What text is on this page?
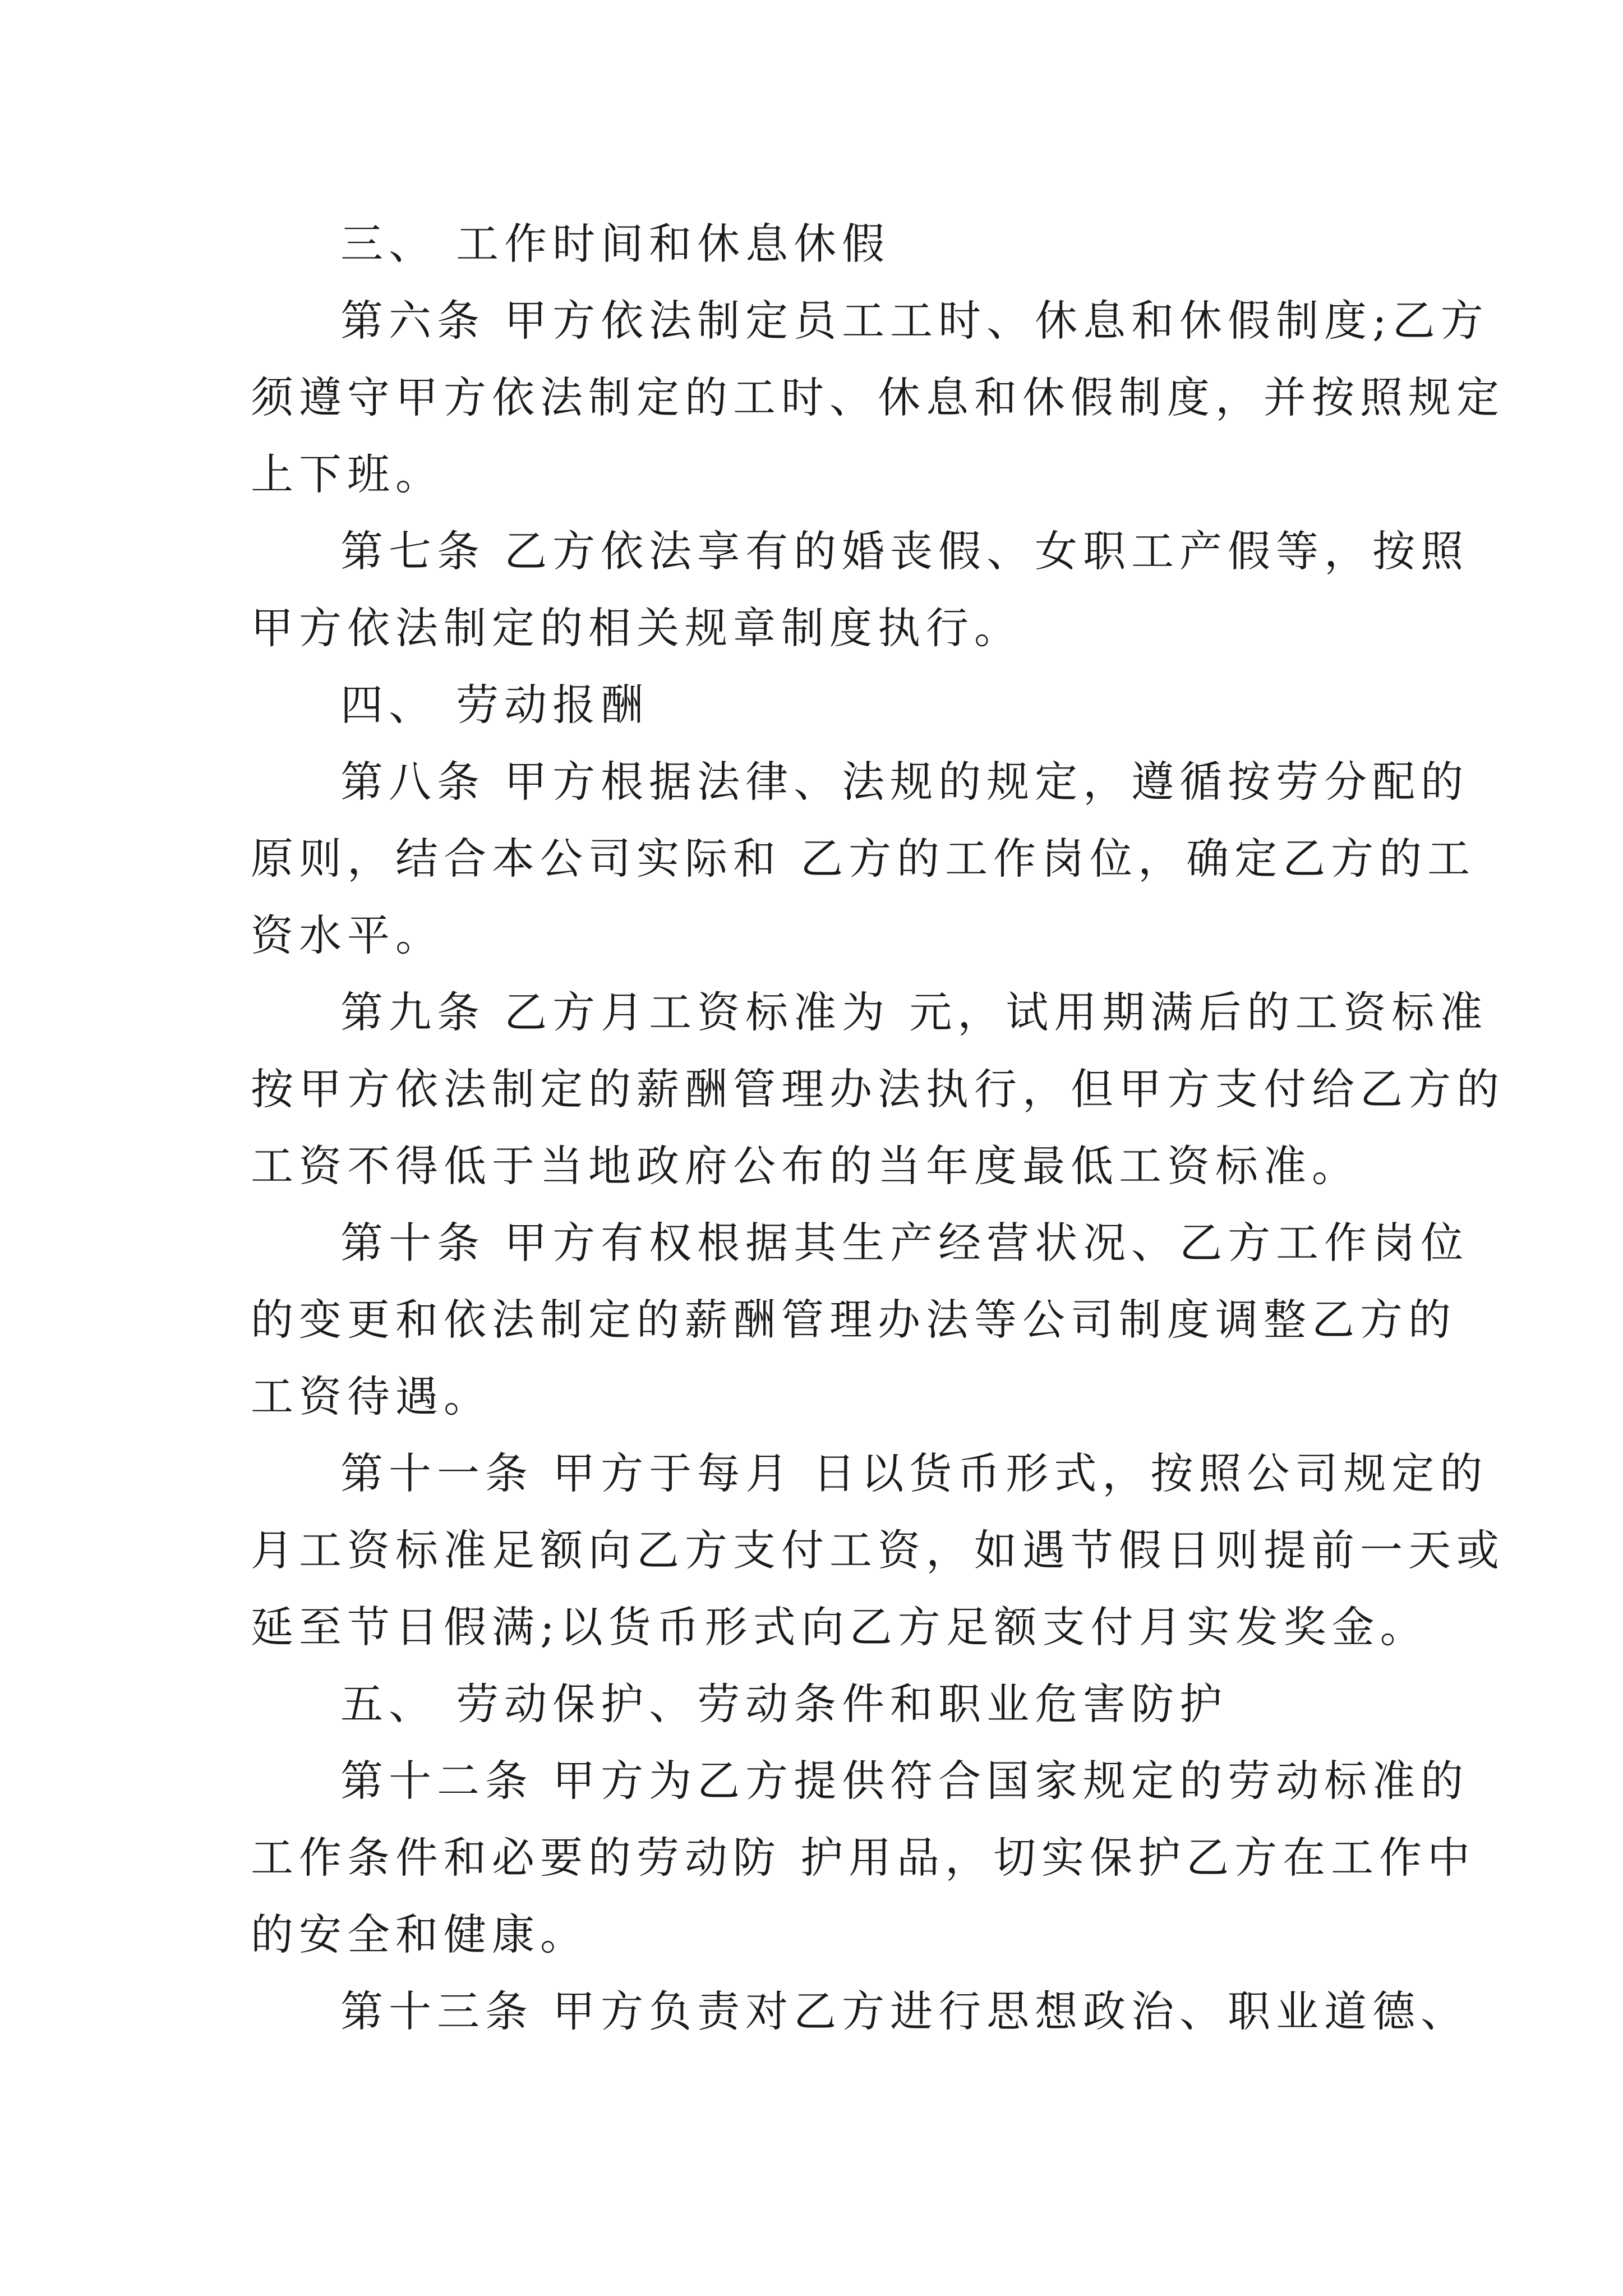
三、 工作时间和休息休假
第六条 甲方依法制定员工工时、休息和休假制度;乙方
须遵守甲方依法制定的工时、休息和休假制度，并按照规定
上下班。
第七条 乙方依法享有的婚丧假、女职工产假等，按照
甲方依法制定的相关规章制度执行。
四、 劳动报酬
第八条 甲方根据法律、法规的规定，遵循按劳分配的
原则，结合本公司实际和 乙方的工作岗位，确定乙方的工
资水平。
第九条 乙方月工资标准为 元，试用期满后的工资标准
按甲方依法制定的薪酬管理办法执行，但甲方支付给乙方的
工资不得低于当地政府公布的当年度最低工资标准。
第十条 甲方有权根据其生产经营状况、乙方工作岗位
的变更和依法制定的薪酬管理办法等公司制度调整乙方的
工资待遇。
第十一条 甲方于每月 日以货币形式，按照公司规定的
月工资标准足额向乙方支付工资，如遇节假日则提前一天或
延至节日假满;以货币形式向乙方足额支付月实发奖金。
五、 劳动保护、劳动条件和职业危害防护
第十二条 甲方为乙方提供符合国家规定的劳动标准的
工作条件和必要的劳动防 护用品，切实保护乙方在工作中
的安全和健康。
第十三条 甲方负责对乙方进行思想政治、职业道德、
